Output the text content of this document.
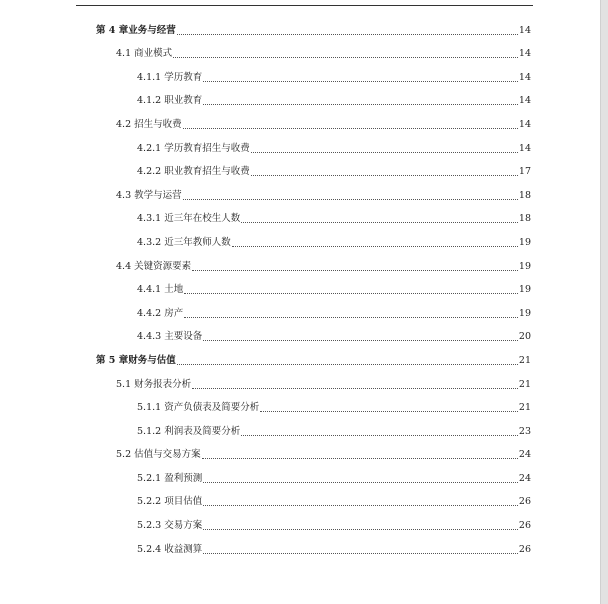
第 4 章业务与经营	14
4.1 商业模式	14
4.1.1 学历教育	14
4.1.2 职业教育	14
4.2 招生与收费	14
4.2.1 学历教育招生与收费	14
4.2.2 职业教育招生与收费	17
4.3 教学与运营	18
4.3.1 近三年在校生人数	18
4.3.2 近三年教师人数	19
4.4 关键资源要素	19
4.4.1 土地	19
4.4.2 房产	19
4.4.3 主要设备	20
第 5 章财务与估值	21
5.1 财务报表分析	21
5.1.1 资产负债表及简要分析	21
5.1.2 利润表及简要分析	23
5.2 估值与交易方案	24
5.2.1 盈利预测	24
5.2.2 项目估值	26
5.2.3 交易方案	26
5.2.4 收益测算	26
